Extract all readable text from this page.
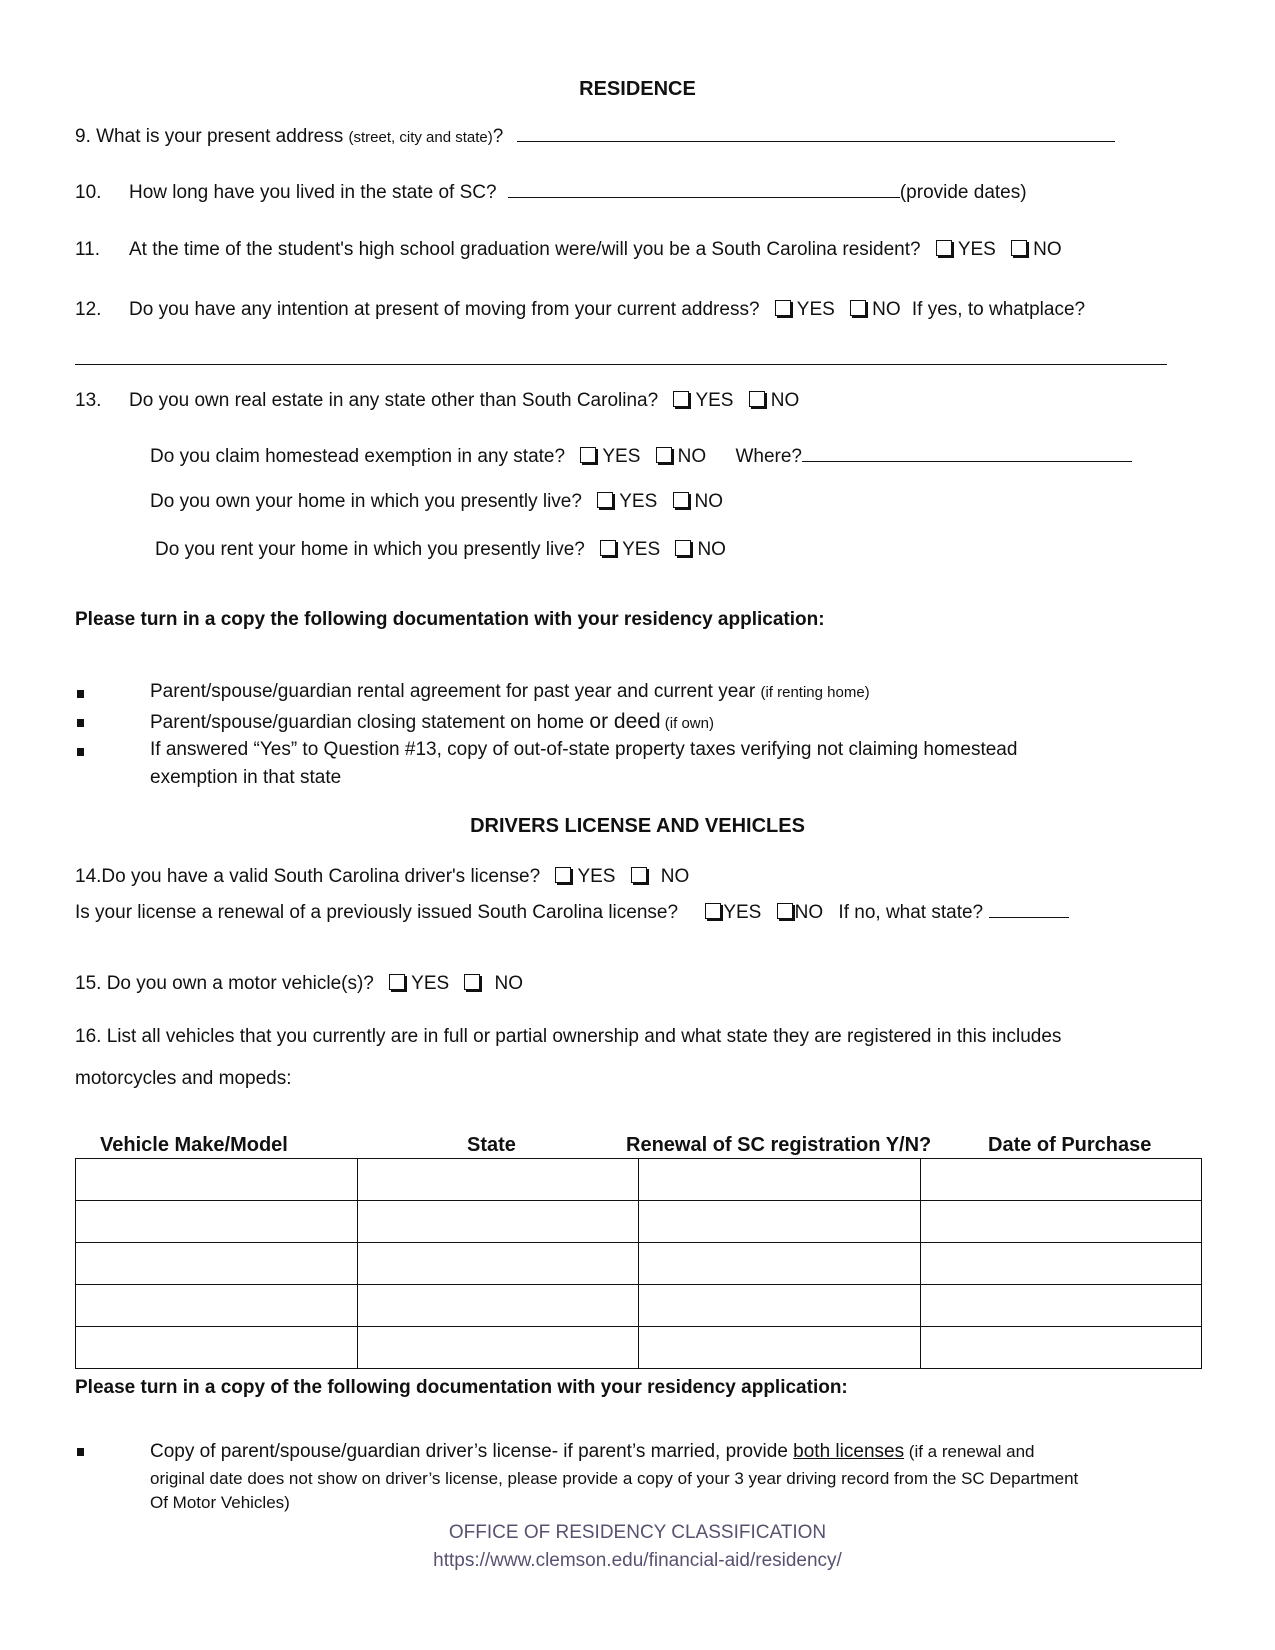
RESIDENCE
9. What is your present address (street, city and state)?
10. How long have you lived in the state of SC?	(provide dates)
11. At the time of the student's high school graduation were/will you be a South Carolina resident? YES NO
12. Do you have any intention at present of moving from your current address? YES NO If yes, to whatplace?
13. Do you own real estate in any state other than South Carolina? YES NO
Do you claim homestead exemption in any state? YES NO Where?
Do you own your home in which you presently live? YES NO
Do you rent your home in which you presently live? YES NO
Please turn in a copy the following documentation with your residency application:
Parent/spouse/guardian rental agreement for past year and current year (if renting home)
Parent/spouse/guardian closing statement on home or deed (if own)
If answered “Yes” to Question #13, copy of out-of-state property taxes verifying not claiming homestead
exemption in that state
DRIVERS LICENSE AND VEHICLES
14.Do you have a valid South Carolina driver's license? YES NO
Is your license a renewal of a previously issued South Carolina license? YES NO If no, what state?
15. Do you own a motor vehicle(s)? YES NO
16. List all vehicles that you currently are in full or partial ownership and what state they are registered in this includes
motorcycles and mopeds:
Vehicle Make/Model	State	Renewal of SC registration Y/N?	Date of Purchase

Please turn in a copy of the following documentation with your residency application:
Copy of parent/spouse/guardian driver’s license- if parent’s married, provide both licenses (if a renewal and
original date does not show on driver’s license, please provide a copy of your 3 year driving record from the SC Department
Of Motor Vehicles)
OFFICE OF RESIDENCY CLASSIFICATION
https://www.clemson.edu/financial-aid/residency/
